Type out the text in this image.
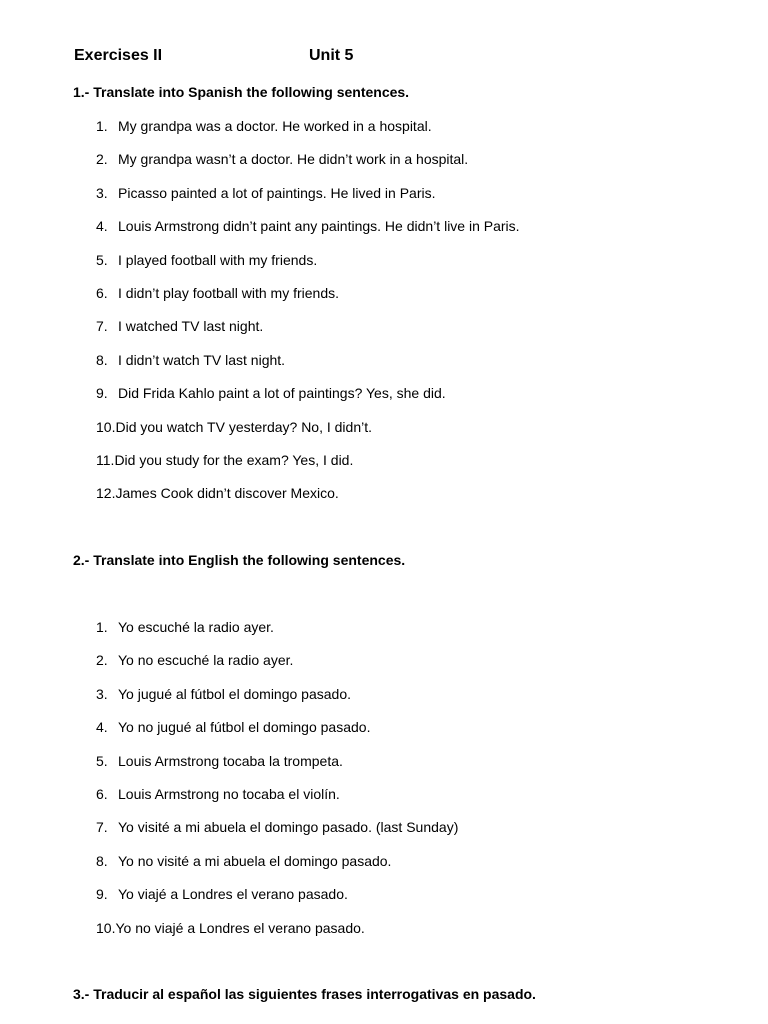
Exercises II	Unit 5
1.- Translate into Spanish the following sentences.
1. My grandpa was a doctor. He worked in a hospital.
2. My grandpa wasn’t a doctor. He didn’t work in a hospital.
3. Picasso painted a lot of paintings. He lived in Paris.
4. Louis Armstrong didn’t paint any paintings. He didn’t live in Paris.
5. I played football with my friends.
6. I didn’t play football with my friends.
7. I watched TV last night.
8. I didn’t watch TV last night.
9. Did Frida Kahlo paint a lot of paintings? Yes, she did.
10. Did you watch TV yesterday? No, I didn’t.
11. Did you study for the exam? Yes, I did.
12. James Cook didn’t discover Mexico.
2.- Translate into English the following sentences.
1. Yo escuché la radio ayer.
2. Yo no escuché la radio ayer.
3. Yo jugué al fútbol el domingo pasado.
4. Yo no jugué al fútbol el domingo pasado.
5. Louis Armstrong tocaba la trompeta.
6. Louis Armstrong no tocaba el violín.
7. Yo visité a mi abuela el domingo pasado. (last Sunday)
8. Yo no visité a mi abuela el domingo pasado.
9. Yo viajé a Londres el verano pasado.
10. Yo no viajé a Londres el verano pasado.
3.- Traducir al español las siguientes frases interrogativas en pasado.
